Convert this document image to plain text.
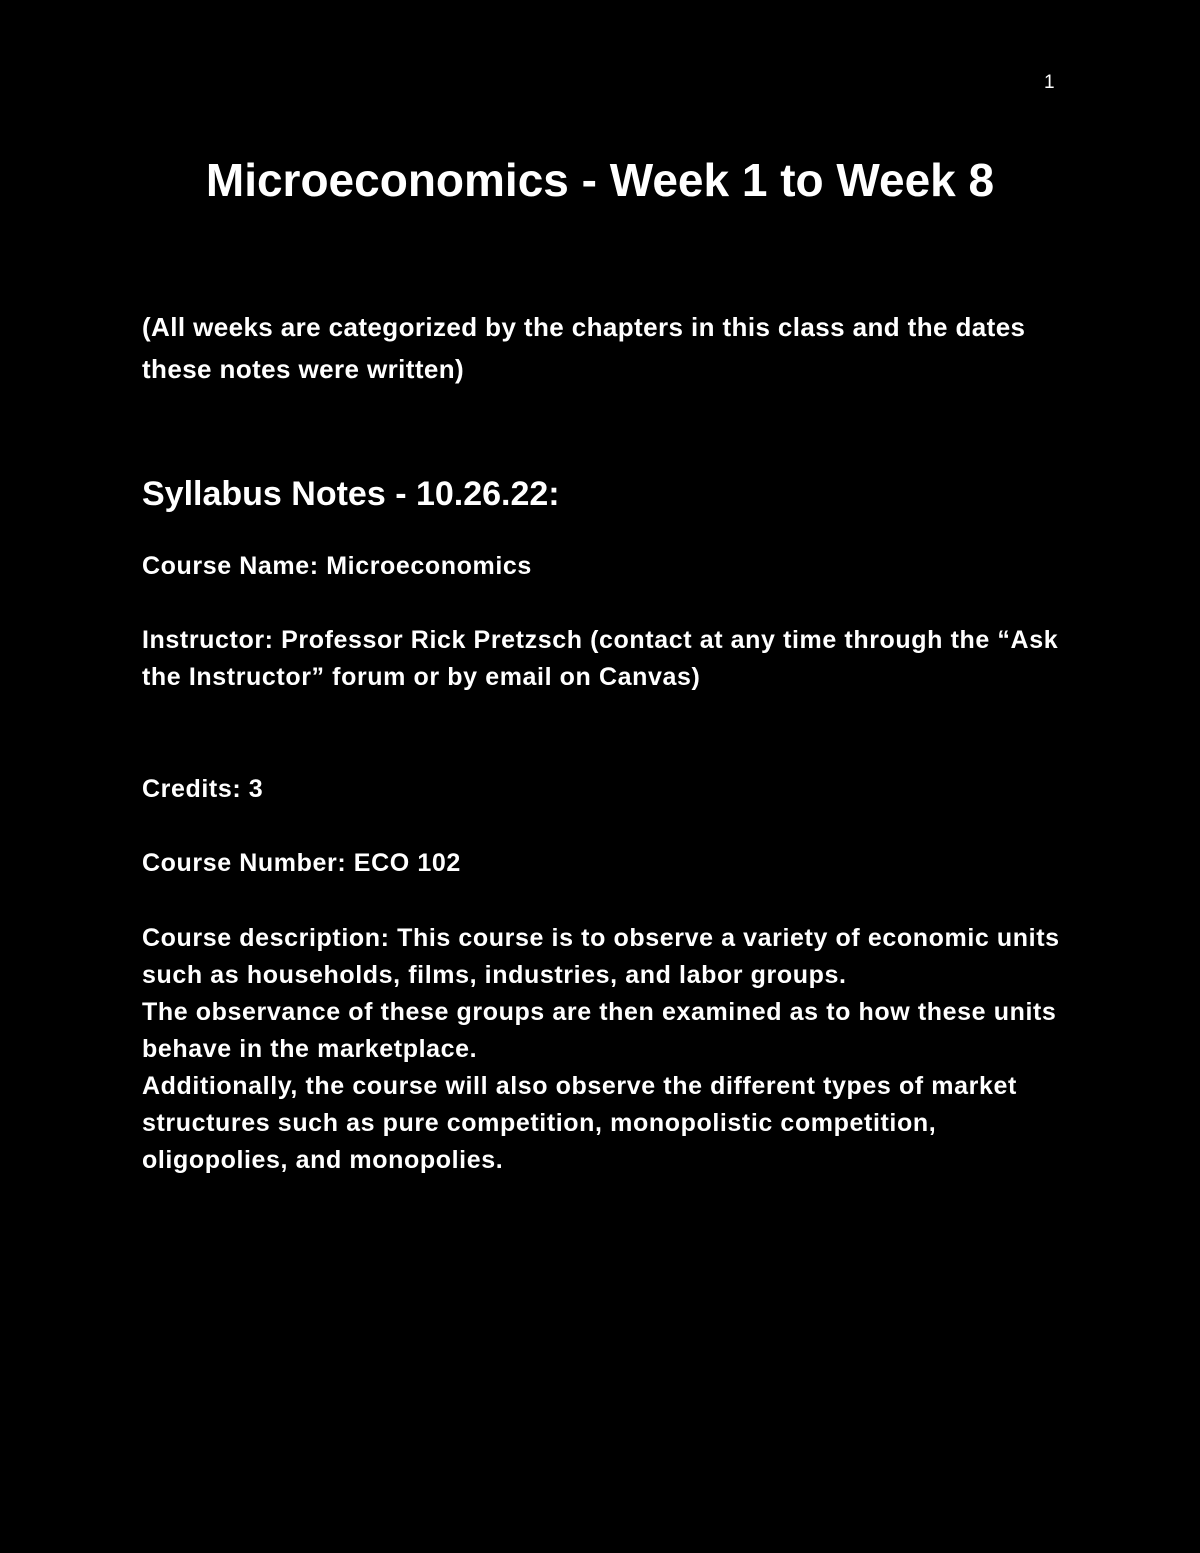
1
Microeconomics - Week 1 to Week 8

(All weeks are categorized by the chapters in this class and the dates these notes were written)

Syllabus Notes - 10.26.22:

Course Name: Microeconomics

Instructor: Professor Rick Pretzsch (contact at any time through the “Ask the Instructor” forum or by email on Canvas)

Credits: 3

Course Number: ECO 102

Course description: This course is to observe a variety of economic units such as households, films, industries, and labor groups.
The observance of these groups are then examined as to how these units behave in the marketplace.
Additionally, the course will also observe the different types of market structures such as pure competition, monopolistic competition, oligopolies, and monopolies.
